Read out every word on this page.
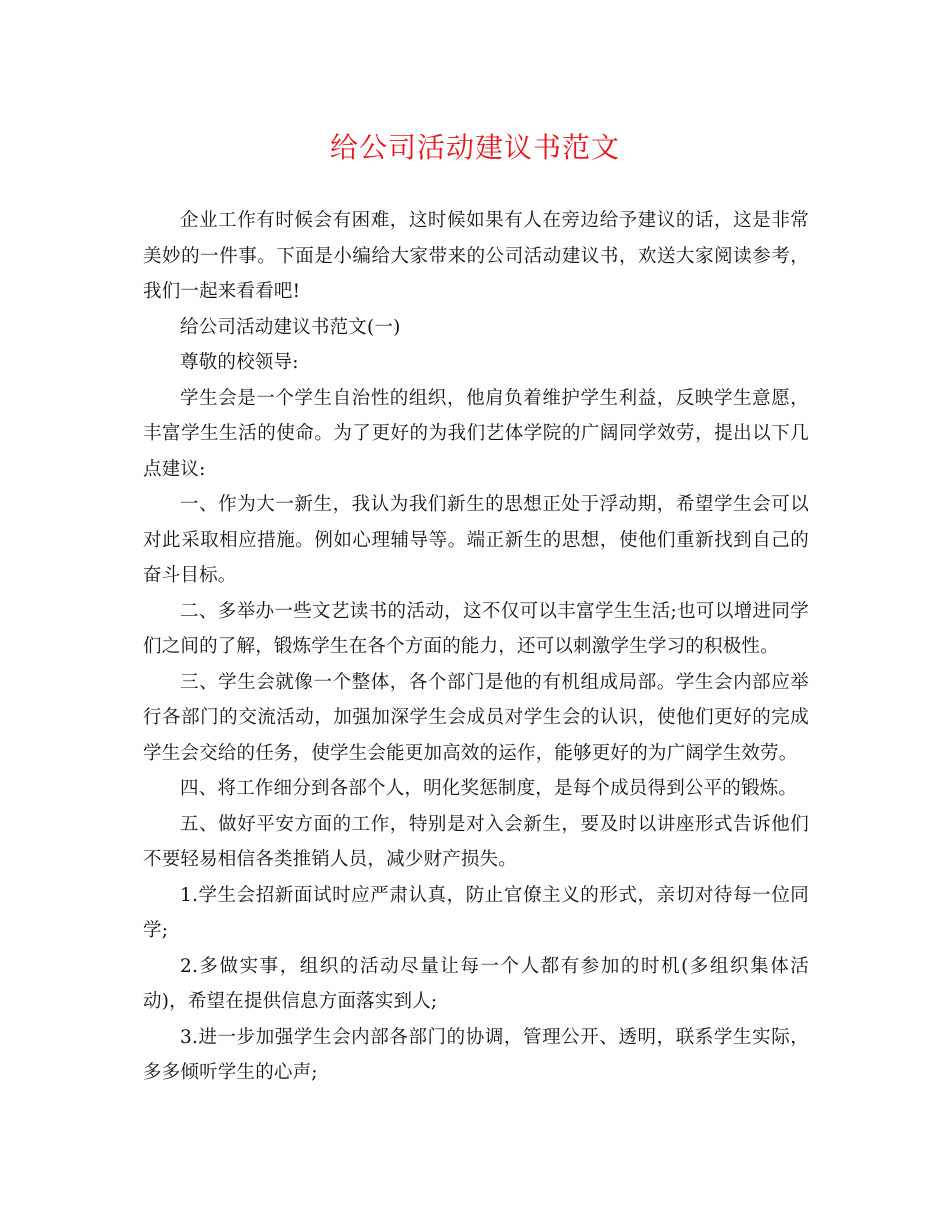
给公司活动建议书范文

企业工作有时候会有困难，这时候如果有人在旁边给予建议的话，这是非常美妙的一件事。下面是小编给大家带来的公司活动建议书，欢送大家阅读参考，我们一起来看看吧!

给公司活动建议书范文(一)

尊敬的校领导:

学生会是一个学生自治性的组织，他肩负着维护学生利益，反映学生意愿，丰富学生生活的使命。为了更好的为我们艺体学院的广阔同学效劳，提出以下几点建议:

一、作为大一新生，我认为我们新生的思想正处于浮动期，希望学生会可以对此采取相应措施。例如心理辅导等。端正新生的思想，使他们重新找到自己的奋斗目标。

二、多举办一些文艺读书的活动，这不仅可以丰富学生生活;也可以增进同学们之间的了解，锻炼学生在各个方面的能力，还可以刺激学生学习的积极性。

三、学生会就像一个整体，各个部门是他的有机组成局部。学生会内部应举行各部门的交流活动，加强加深学生会成员对学生会的认识，使他们更好的完成学生会交给的任务，使学生会能更加高效的运作，能够更好的为广阔学生效劳。

四、将工作细分到各部个人，明化奖惩制度，是每个成员得到公平的锻炼。

五、做好平安方面的工作，特别是对入会新生，要及时以讲座形式告诉他们不要轻易相信各类推销人员，减少财产损失。

1.学生会招新面试时应严肃认真，防止官僚主义的形式，亲切对待每一位同学;

2.多做实事，组织的活动尽量让每一个人都有参加的时机(多组织集体活动)，希望在提供信息方面落实到人;

3.进一步加强学生会内部各部门的协调，管理公开、透明，联系学生实际，多多倾听学生的心声;
